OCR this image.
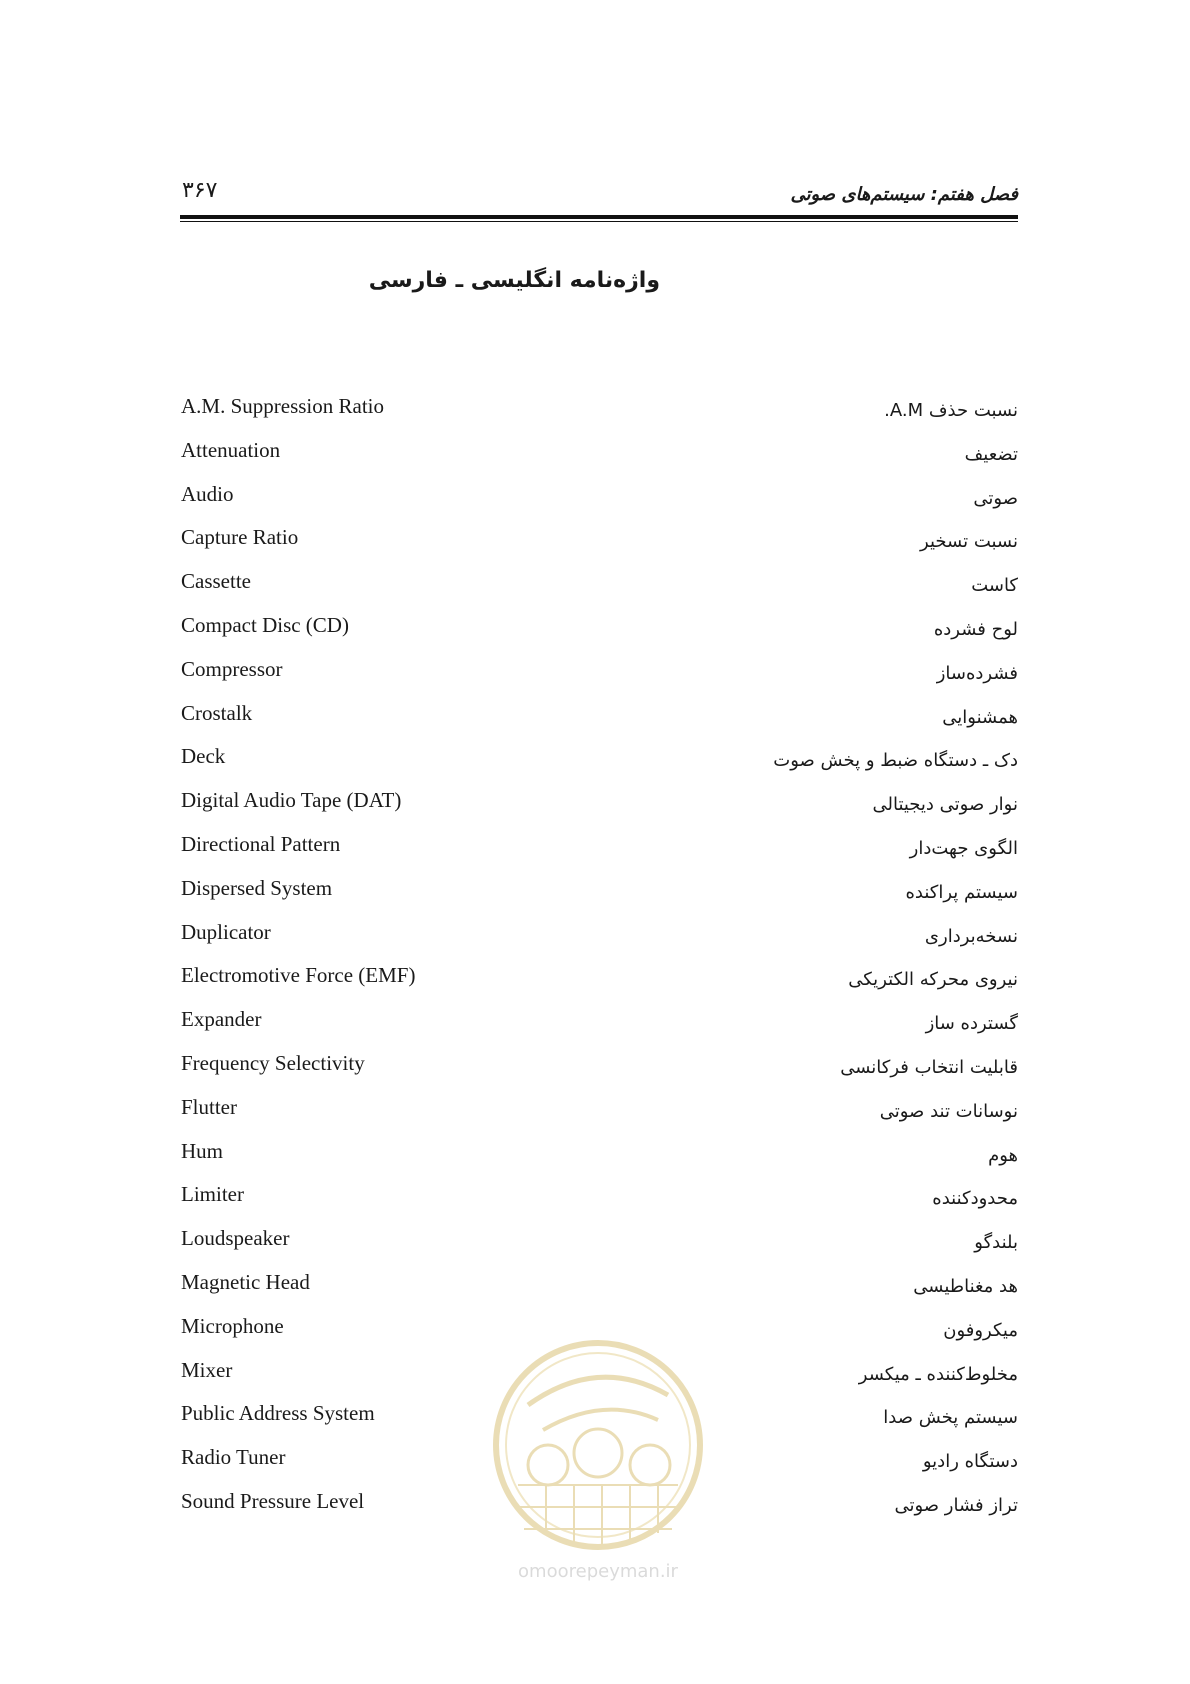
۳۶۷	فصل هفتم: سیستم‌های صوتی
واژه‌نامه انگلیسی ـ فارسی
A.M. Suppression Ratio	نسبت حذف A.M.
Attenuation	تضعیف
Audio	صوتی
Capture Ratio	نسبت تسخیر
Cassette	کاست
Compact Disc (CD)	لوح فشرده
Compressor	فشرده‌ساز
Crostalk	همشنوایی
Deck	دک ـ دستگاه ضبط و پخش صوت
Digital Audio Tape (DAT)	نوار صوتی دیجیتالی
Directional Pattern	الگوی جهت‌دار
Dispersed System	سیستم پراکنده
Duplicator	نسخه‌برداری
Electromotive Force (EMF)	نیروی محرکه الکتریکی
Expander	گسترده ساز
Frequency Selectivity	قابلیت انتخاب فرکانسی
Flutter	نوسانات تند صوتی
Hum	هوم
Limiter	محدودکننده
Loudspeaker	بلندگو
Magnetic Head	هد مغناطیسی
Microphone	میکروفون
Mixer	مخلوط‌کننده ـ میکسر
Public Address System	سیستم پخش صدا
Radio Tuner	دستگاه رادیو
Sound Pressure Level	تراز فشار صوتی
omoorepeyman.ir
